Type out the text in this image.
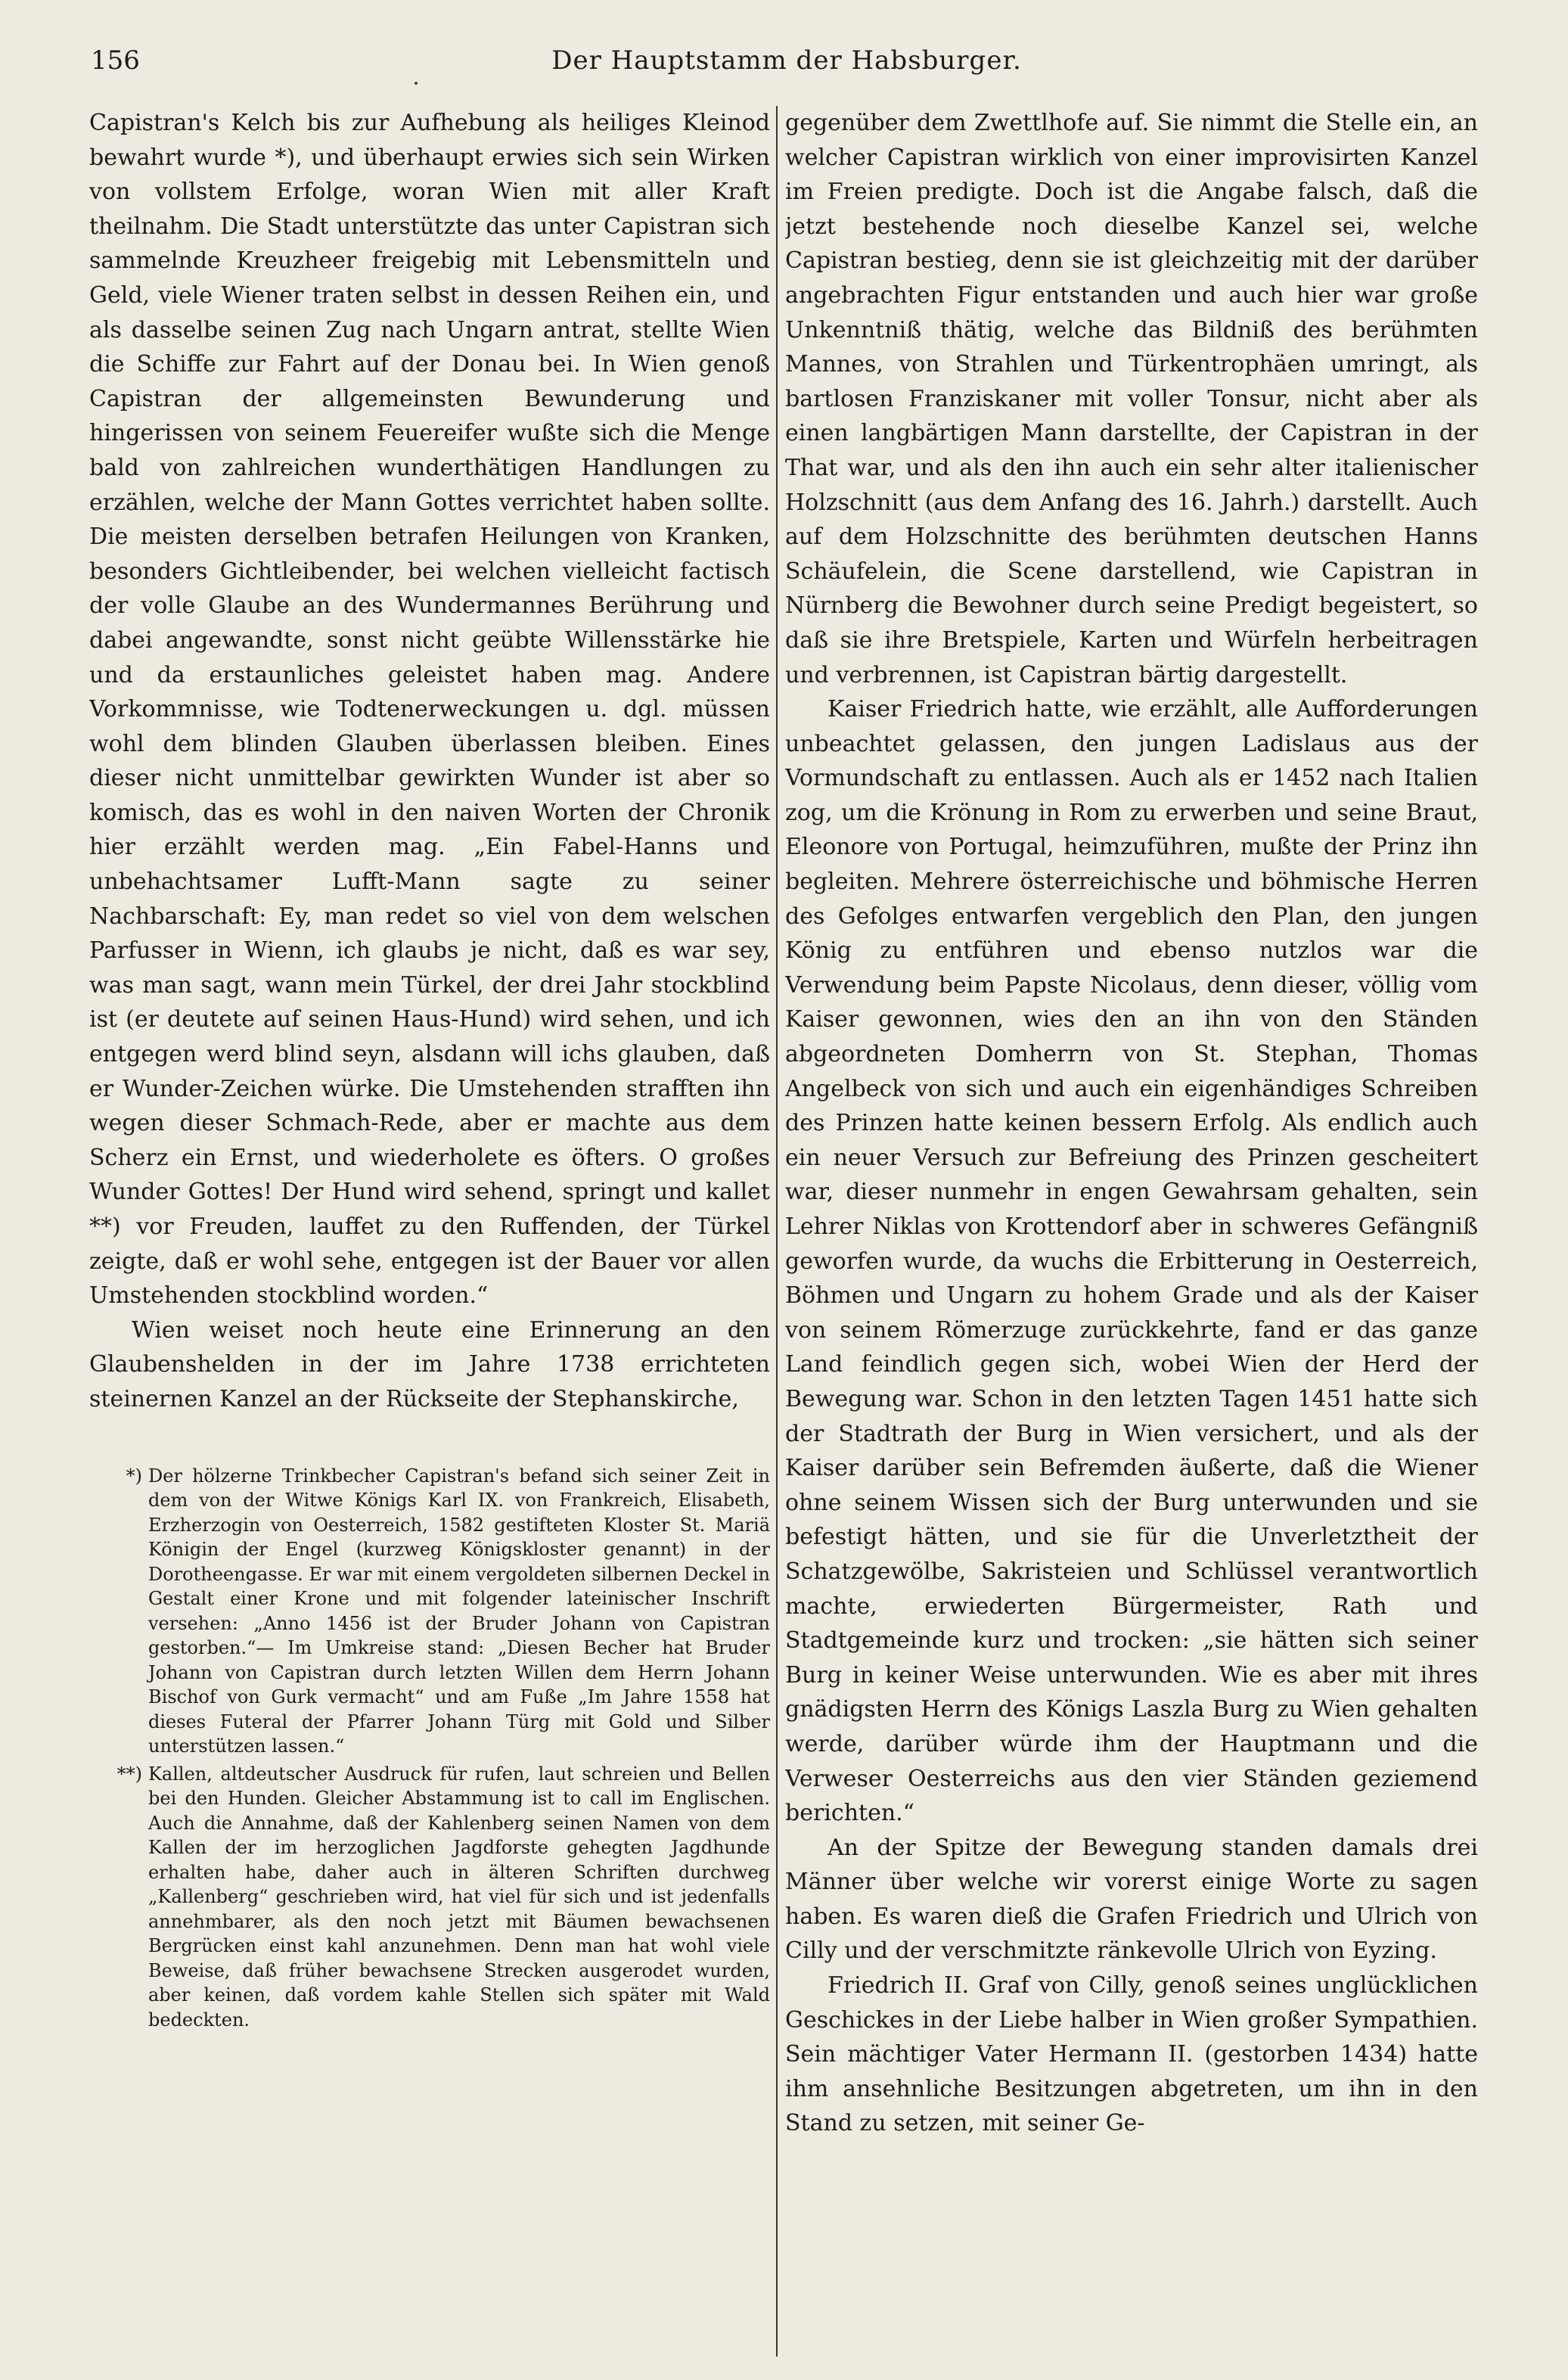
156	Der Hauptstamm der Habsburger.

Capistran's Kelch bis zur Aufhebung als heiliges Kleinod bewahrt wurde *), und überhaupt erwies sich sein Wirken von vollstem Erfolge, woran Wien mit aller Kraft theilnahm. Die Stadt unterstützte das unter Capistran sich sammelnde Kreuzheer freigebig mit Lebensmitteln und Geld, viele Wiener traten selbst in dessen Reihen ein, und als dasselbe seinen Zug nach Ungarn antrat, stellte Wien die Schiffe zur Fahrt auf der Donau bei. In Wien genoß Capistran der allgemeinsten Bewunderung und hingerissen von seinem Feuereifer wußte sich die Menge bald von zahlreichen wunderthätigen Handlungen zu erzählen, welche der Mann Gottes verrichtet haben sollte. Die meisten derselben betrafen Heilungen von Kranken, besonders Gichtleibender, bei welchen vielleicht factisch der volle Glaube an des Wundermannes Berührung und dabei angewandte, sonst nicht geübte Willensstärke hie und da erstaunliches geleistet haben mag. Andere Vorkommnisse, wie Todtenerweckungen u. dgl. müssen wohl dem blinden Glauben überlassen bleiben. Eines dieser nicht unmittelbar gewirkten Wunder ist aber so komisch, das es wohl in den naiven Worten der Chronik hier erzählt werden mag. „Ein Fabel-Hanns und unbehachtsamer Lufft-Mann sagte zu seiner Nachbarschaft: Ey, man redet so viel von dem welschen Parfusser in Wienn, ich glaubs je nicht, daß es war sey, was man sagt, wann mein Türkel, der drei Jahr stockblind ist (er deutete auf seinen Haus-Hund) wird sehen, und ich entgegen werd blind seyn, alsdann will ichs glauben, daß er Wunder-Zeichen würke. Die Umstehenden strafften ihn wegen dieser Schmach-Rede, aber er machte aus dem Scherz ein Ernst, und wiederholete es öfters. O großes Wunder Gottes! Der Hund wird sehend, springt und kallet **) vor Freuden, lauffet zu den Ruffenden, der Türkel zeigte, daß er wohl sehe, entgegen ist der Bauer vor allen Umstehenden stockblind worden.“

Wien weiset noch heute eine Erinnerung an den Glaubenshelden in der im Jahre 1738 errichteten steinernen Kanzel an der Rückseite der Stephanskirche,

*) Der hölzerne Trinkbecher Capistran's befand sich seiner Zeit in dem von der Witwe Königs Karl IX. von Frankreich, Elisabeth, Erzherzogin von Oesterreich, 1582 gestifteten Kloster St. Mariä Königin der Engel (kurzweg Königskloster genannt) in der Dorotheengasse. Er war mit einem vergoldeten silbernen Deckel in Gestalt einer Krone und mit folgender lateinischer Inschrift versehen: „Anno 1456 ist der Bruder Johann von Capistran gestorben.“— Im Umkreise stand: „Diesen Becher hat Bruder Johann von Capistran durch letzten Willen dem Herrn Johann Bischof von Gurk vermacht“ und am Fuße „Im Jahre 1558 hat dieses Futeral der Pfarrer Johann Türg mit Gold und Silber unterstützen lassen.“
**) Kallen, altdeutscher Ausdruck für rufen, laut schreien und Bellen bei den Hunden. Gleicher Abstammung ist to call im Englischen. Auch die Annahme, daß der Kahlenberg seinen Namen von dem Kallen der im herzoglichen Jagdforste gehegten Jagdhunde erhalten habe, daher auch in älteren Schriften durchweg „Kallenberg“ geschrieben wird, hat viel für sich und ist jedenfalls annehmbarer, als den noch jetzt mit Bäumen bewachsenen Bergrücken einst kahl anzunehmen. Denn man hat wohl viele Beweise, daß früher bewachsene Strecken ausgerodet wurden, aber keinen, daß vordem kahle Stellen sich später mit Wald bedeckten.

gegenüber dem Zwettlhofe auf. Sie nimmt die Stelle ein, an welcher Capistran wirklich von einer improvisirten Kanzel im Freien predigte. Doch ist die Angabe falsch, daß die jetzt bestehende noch dieselbe Kanzel sei, welche Capistran bestieg, denn sie ist gleichzeitig mit der darüber angebrachten Figur entstanden und auch hier war große Unkenntniß thätig, welche das Bildniß des berühmten Mannes, von Strahlen und Türkentrophäen umringt, als bartlosen Franziskaner mit voller Tonsur, nicht aber als einen langbärtigen Mann darstellte, der Capistran in der That war, und als den ihn auch ein sehr alter italienischer Holzschnitt (aus dem Anfang des 16. Jahrh.) darstellt. Auch auf dem Holzschnitte des berühmten deutschen Hanns Schäufelein, die Scene darstellend, wie Capistran in Nürnberg die Bewohner durch seine Predigt begeistert, so daß sie ihre Bretspiele, Karten und Würfeln herbeitragen und verbrennen, ist Capistran bärtig dargestellt.

Kaiser Friedrich hatte, wie erzählt, alle Aufforderungen unbeachtet gelassen, den jungen Ladislaus aus der Vormundschaft zu entlassen. Auch als er 1452 nach Italien zog, um die Krönung in Rom zu erwerben und seine Braut, Eleonore von Portugal, heimzuführen, mußte der Prinz ihn begleiten. Mehrere österreichische und böhmische Herren des Gefolges entwarfen vergeblich den Plan, den jungen König zu entführen und ebenso nutzlos war die Verwendung beim Papste Nicolaus, denn dieser, völlig vom Kaiser gewonnen, wies den an ihn von den Ständen abgeordneten Domherrn von St. Stephan, Thomas Angelbeck von sich und auch ein eigenhändiges Schreiben des Prinzen hatte keinen bessern Erfolg. Als endlich auch ein neuer Versuch zur Befreiung des Prinzen gescheitert war, dieser nunmehr in engen Gewahrsam gehalten, sein Lehrer Niklas von Krottendorf aber in schweres Gefängniß geworfen wurde, da wuchs die Erbitterung in Oesterreich, Böhmen und Ungarn zu hohem Grade und als der Kaiser von seinem Römerzuge zurückkehrte, fand er das ganze Land feindlich gegen sich, wobei Wien der Herd der Bewegung war. Schon in den letzten Tagen 1451 hatte sich der Stadtrath der Burg in Wien versichert, und als der Kaiser darüber sein Befremden äußerte, daß die Wiener ohne seinem Wissen sich der Burg unterwunden und sie befestigt hätten, und sie für die Unverletztheit der Schatzgewölbe, Sakristeien und Schlüssel verantwortlich machte, erwiederten Bürgermeister, Rath und Stadtgemeinde kurz und trocken: „sie hätten sich seiner Burg in keiner Weise unterwunden. Wie es aber mit ihres gnädigsten Herrn des Königs Laszla Burg zu Wien gehalten werde, darüber würde ihm der Hauptmann und die Verweser Oesterreichs aus den vier Ständen geziemend berichten.“

An der Spitze der Bewegung standen damals drei Männer über welche wir vorerst einige Worte zu sagen haben. Es waren dieß die Grafen Friedrich und Ulrich von Cilly und der verschmitzte ränkevolle Ulrich von Eyzing.

Friedrich II. Graf von Cilly, genoß seines unglücklichen Geschickes in der Liebe halber in Wien großer Sympathien. Sein mächtiger Vater Hermann II. (gestorben 1434) hatte ihm ansehnliche Besitzungen abgetreten, um ihn in den Stand zu setzen, mit seiner Ge-
